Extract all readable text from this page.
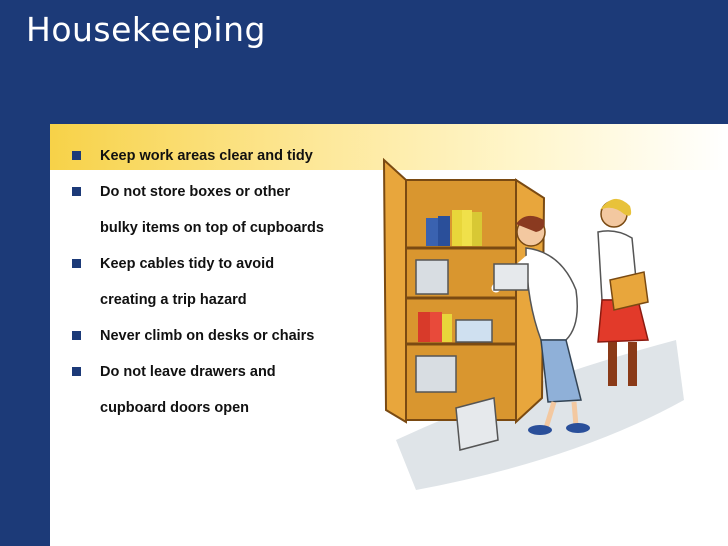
Housekeeping
Keep work areas clear and tidy
Do not store boxes or other
bulky items on top of cupboards
Keep cables tidy to avoid
creating a trip hazard
Never climb on desks or chairs
Do not leave drawers and
cupboard doors open
